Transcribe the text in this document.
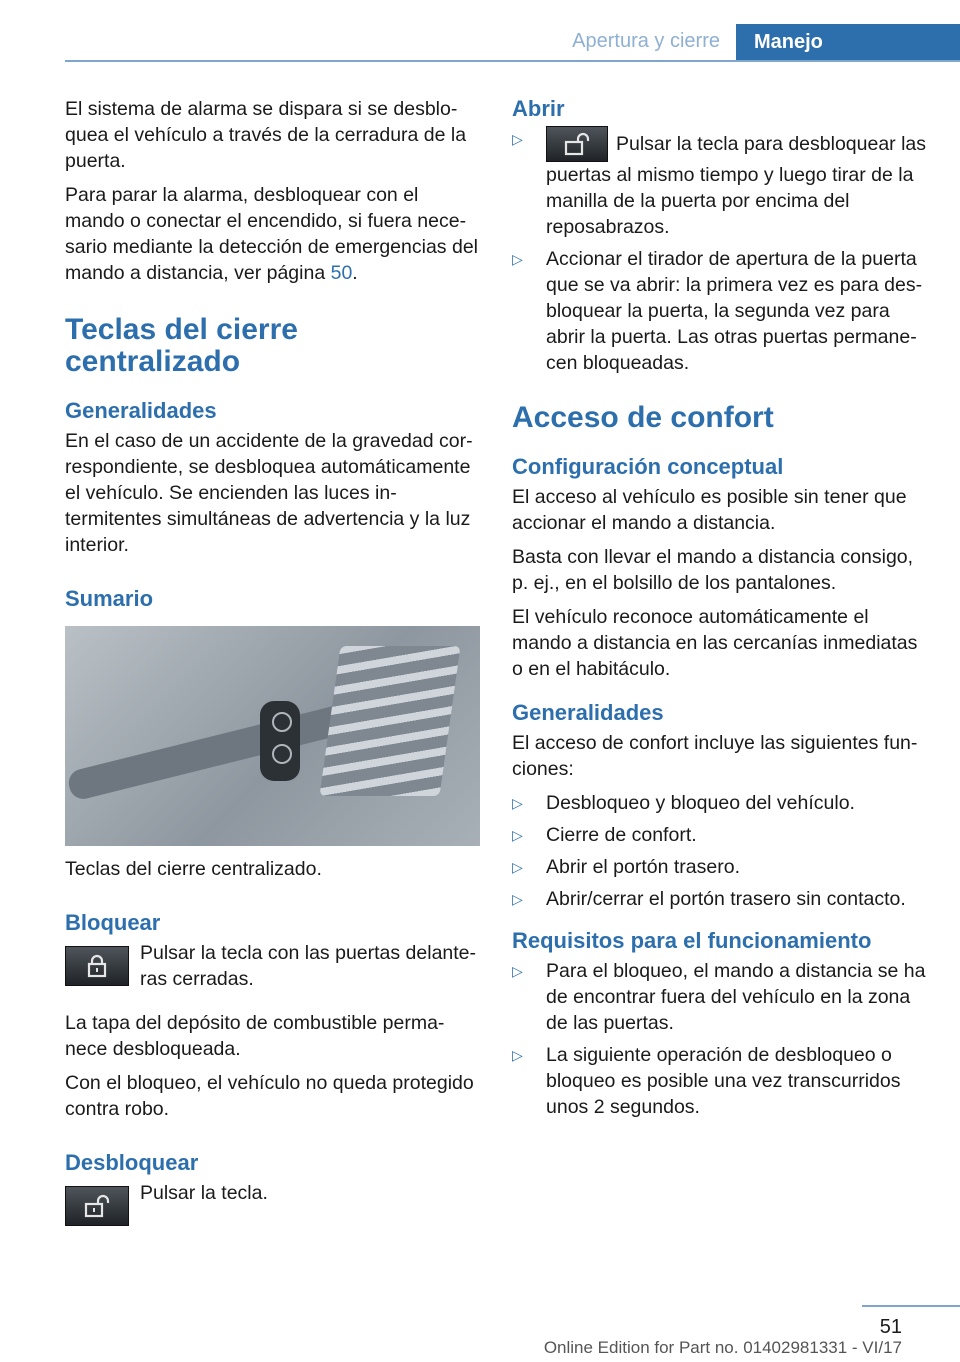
Apertura y cierre	Manejo

El sistema de alarma se dispara si se desbloquea el vehículo a través de la cerradura de la puerta.

Para parar la alarma, desbloquear con el mando o conectar el encendido, si fuera necesario mediante la detección de emergencias del mando a distancia, ver página 50.

Teclas del cierre centralizado
Generalidades

En el caso de un accidente de la gravedad correspondiente, se desbloquea automáticamente el vehículo. Se encienden las luces intermitentes simultáneas de advertencia y la luz interior.

Sumario

Teclas del cierre centralizado.

Bloquear

Pulsar la tecla con las puertas delanteras cerradas.

La tapa del depósito de combustible permanece desbloqueada.

Con el bloqueo, el vehículo no queda protegido contra robo.

Desbloquear

Pulsar la tecla.

Abrir
▷	Pulsar la tecla para desbloquear las puertas al mismo tiempo y luego tirar de la manilla de la puerta por encima del reposabrazos.
▷ Accionar el tirador de apertura de la puerta que se va abrir: la primera vez es para desbloquear la puerta, la segunda vez para abrir la puerta. Las otras puertas permanecen bloqueadas.
Acceso de confort
Configuración conceptual

El acceso al vehículo es posible sin tener que accionar el mando a distancia.

Basta con llevar el mando a distancia consigo, p. ej., en el bolsillo de los pantalones.

El vehículo reconoce automáticamente el mando a distancia en las cercanías inmediatas o en el habitáculo.

Generalidades

El acceso de confort incluye las siguientes funciones:

▷ Desbloqueo y bloqueo del vehículo.
▷ Cierre de confort.
▷ Abrir el portón trasero.
▷ Abrir/cerrar el portón trasero sin contacto.
Requisitos para el funcionamiento
▷ Para el bloqueo, el mando a distancia se ha de encontrar fuera del vehículo en la zona de las puertas.
▷ La siguiente operación de desbloqueo o bloqueo es posible una vez transcurridos unos 2 segundos.
51
Online Edition for Part no. 01402981331 - VI/17
